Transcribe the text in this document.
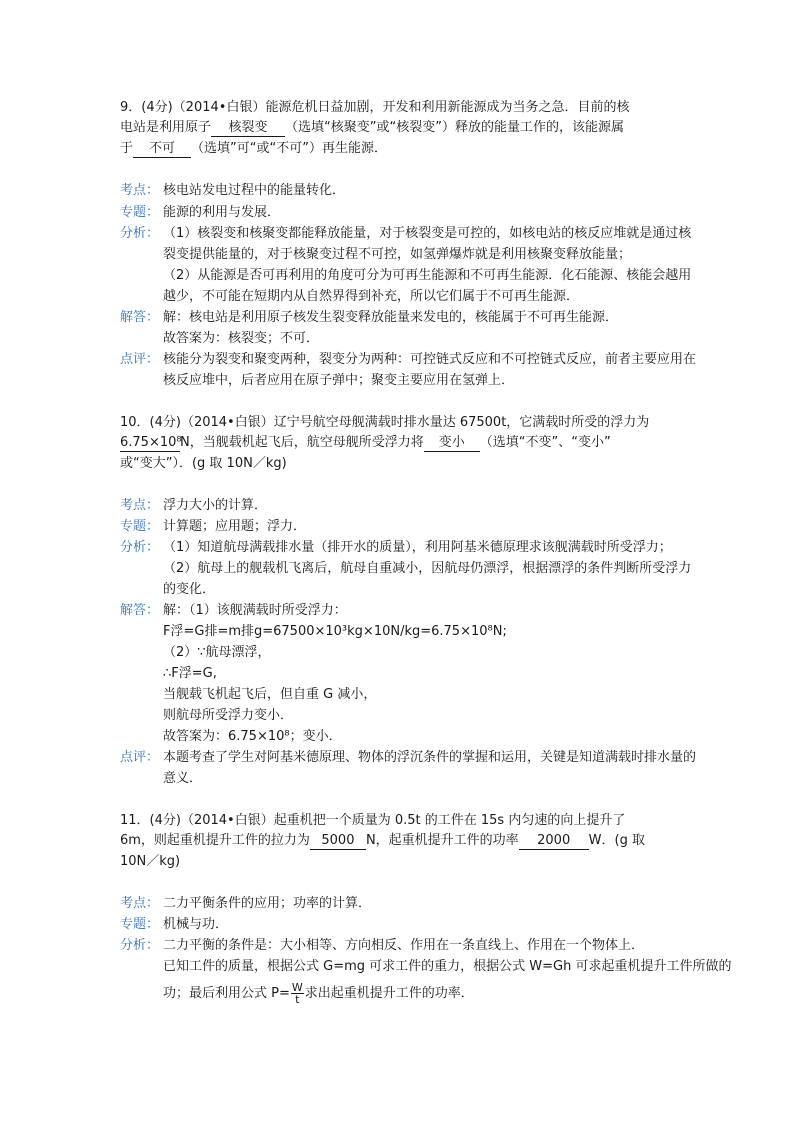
9．(4分)（2014•白银）能源危机日益加剧，开发和利用新能源成为当务之急．目前的核
电站是利用原子 核裂变 （选填“核聚变”或“核裂变”）释放的能量工作的，该能源属
于 不可 （选填”可“或“不可”）再生能源．
考点： 核电站发电过程中的能量转化．
专题： 能源的利用与发展．
分析： （1）核裂变和核聚变都能释放能量，对于核裂变是可控的，如核电站的核反应堆就是通过核
裂变提供能量的，对于核聚变过程不可控，如氢弹爆炸就是利用核聚变释放能量；
（2）从能源是否可再利用的角度可分为可再生能源和不可再生能源．化石能源、核能会越用
越少，不可能在短期内从自然界得到补充，所以它们属于不可再生能源．
解答： 解：核电站是利用原子核发生裂变释放能量来发电的，核能属于不可再生能源．
故答案为：核裂变；不可．
点评： 核能分为裂变和聚变两种，裂变分为两种：可控链式反应和不可控链式反应，前者主要应用在
核反应堆中，后者应用在原子弹中；聚变主要应用在氢弹上．
10．(4分)（2014•白银）辽宁号航空母舰满载时排水量达 67500t，它满载时所受的浮力为
6.75×10⁸N，当舰载机起飞后，航空母舰所受浮力将 变小 （选填“不变”、“变小”
或“变大”）．(g 取 10N／kg)
考点： 浮力大小的计算．
专题： 计算题；应用题；浮力．
分析： （1）知道航母满载排水量（排开水的质量），利用阿基米德原理求该舰满载时所受浮力；
（2）航母上的舰载机飞离后，航母自重减小，因航母仍漂浮，根据漂浮的条件判断所受浮力
的变化．
解答： 解：（1）该舰满载时所受浮力：
F浮=G排=m排g=67500×10³kg×10N/kg=6.75×10⁸N;
（2）∵航母漂浮，
∴F浮=G,
当舰载飞机起飞后，但自重 G 减小，
则航母所受浮力变小．
故答案为：6.75×10⁸；变小．
点评： 本题考查了学生对阿基米德原理、物体的浮沉条件的掌握和运用，关键是知道满载时排水量的
意义．
11．(4分)（2014•白银）起重机把一个质量为 0.5t 的工件在 15s 内匀速的向上提升了
6m，则起重机提升工件的拉力为 5000 N，起重机提升工件的功率 2000 W．(g 取
10N／kg)
考点： 二力平衡条件的应用；功率的计算．
专题： 机械与功．
分析： 二力平衡的条件是：大小相等、方向相反、作用在一条直线上、作用在一个物体上．
已知工件的质量，根据公式 G=mg 可求工件的重力，根据公式 W=Gh 可求起重机提升工件所做的
功；最后利用公式 $P= \frac{W}{t}$ 求出起重机提升工件的功率．
